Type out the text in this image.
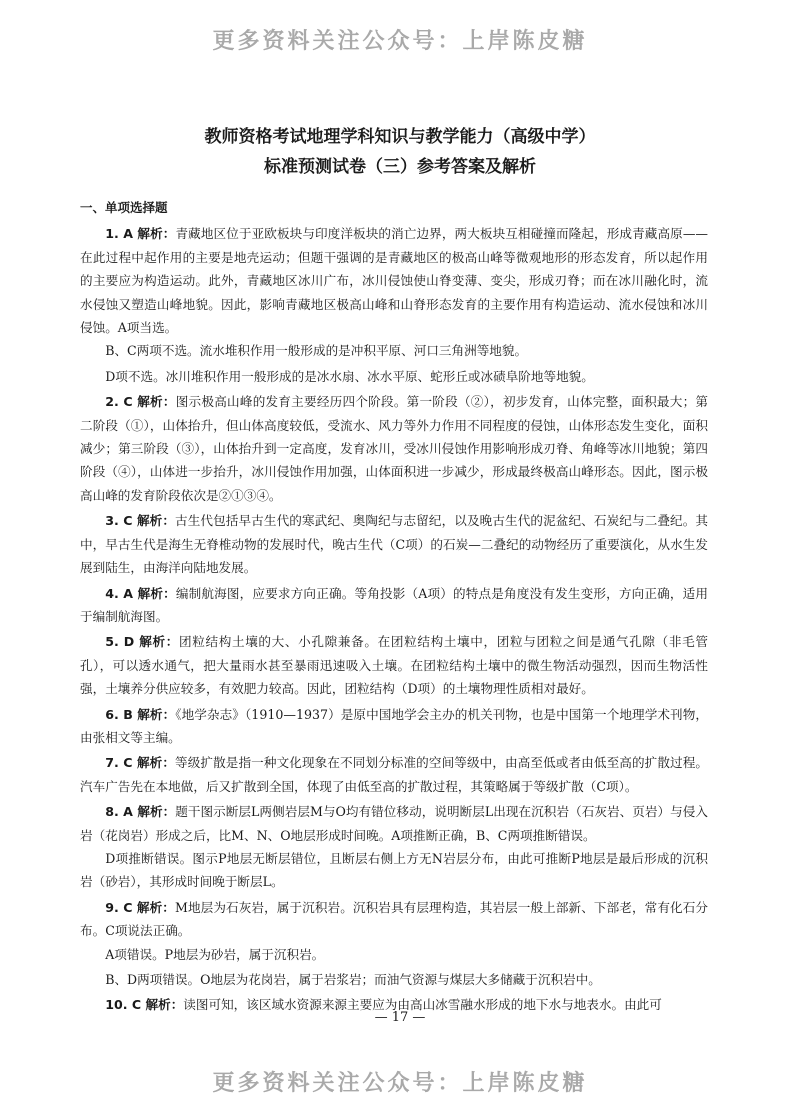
更多资料关注公众号：上岸陈皮糖
教师资格考试地理学科知识与教学能力（高级中学）
标准预测试卷（三）参考答案及解析
一、单项选择题

1. A 解析：青藏地区位于亚欧板块与印度洋板块的消亡边界，两大板块互相碰撞而隆起，形成青藏高原——在此过程中起作用的主要是地壳运动；但题干强调的是青藏地区的极高山峰等微观地形的形态发育，所以起作用的主要应为构造运动。此外，青藏地区冰川广布，冰川侵蚀使山脊变薄、变尖，形成刃脊；而在冰川融化时，流水侵蚀又塑造山峰地貌。因此，影响青藏地区极高山峰和山脊形态发育的主要作用有构造运动、流水侵蚀和冰川侵蚀。A项当选。

B、C两项不选。流水堆积作用一般形成的是冲积平原、河口三角洲等地貌。

D项不选。冰川堆积作用一般形成的是冰水扇、冰水平原、蛇形丘或冰碛阜阶地等地貌。

2. C 解析：图示极高山峰的发育主要经历四个阶段。第一阶段（②），初步发育，山体完整，面积最大；第二阶段（①），山体抬升，但山体高度较低，受流水、风力等外力作用不同程度的侵蚀，山体形态发生变化，面积减少；第三阶段（③），山体抬升到一定高度，发育冰川，受冰川侵蚀作用影响形成刃脊、角峰等冰川地貌；第四阶段（④），山体进一步抬升，冰川侵蚀作用加强，山体面积进一步减少，形成最终极高山峰形态。因此，图示极高山峰的发育阶段依次是②①③④。

3. C 解析：古生代包括早古生代的寒武纪、奥陶纪与志留纪，以及晚古生代的泥盆纪、石炭纪与二叠纪。其中，早古生代是海生无脊椎动物的发展时代，晚古生代（C项）的石炭—二叠纪的动物经历了重要演化，从水生发展到陆生，由海洋向陆地发展。

4. A 解析：编制航海图，应要求方向正确。等角投影（A项）的特点是角度没有发生变形，方向正确，适用于编制航海图。

5. D 解析：团粒结构土壤的大、小孔隙兼备。在团粒结构土壤中，团粒与团粒之间是通气孔隙（非毛管孔），可以透水通气，把大量雨水甚至暴雨迅速吸入土壤。在团粒结构土壤中的微生物活动强烈，因而生物活性强，土壤养分供应较多，有效肥力较高。因此，团粒结构（D项）的土壤物理性质相对最好。

6. B 解析：《地学杂志》（1910—1937）是原中国地学会主办的机关刊物，也是中国第一个地理学术刊物，由张相文等主编。

7. C 解析：等级扩散是指一种文化现象在不同划分标准的空间等级中，由高至低或者由低至高的扩散过程。汽车广告先在本地做，后又扩散到全国，体现了由低至高的扩散过程，其策略属于等级扩散（C项）。

8. A 解析：题干图示断层L两侧岩层M与O均有错位移动，说明断层L出现在沉积岩（石灰岩、页岩）与侵入岩（花岗岩）形成之后，比M、N、O地层形成时间晚。A项推断正确，B、C两项推断错误。

D项推断错误。图示P地层无断层错位，且断层右侧上方无N岩层分布，由此可推断P地层是最后形成的沉积岩（砂岩），其形成时间晚于断层L。

9. C 解析：M地层为石灰岩，属于沉积岩。沉积岩具有层理构造，其岩层一般上部新、下部老，常有化石分布。C项说法正确。

A项错误。P地层为砂岩，属于沉积岩。

B、D两项错误。O地层为花岗岩，属于岩浆岩；而油气资源与煤层大多储藏于沉积岩中。

10. C 解析：读图可知，该区域水资源来源主要应为由高山冰雪融水形成的地下水与地表水。由此可

— 17 —
更多资料关注公众号：上岸陈皮糖
